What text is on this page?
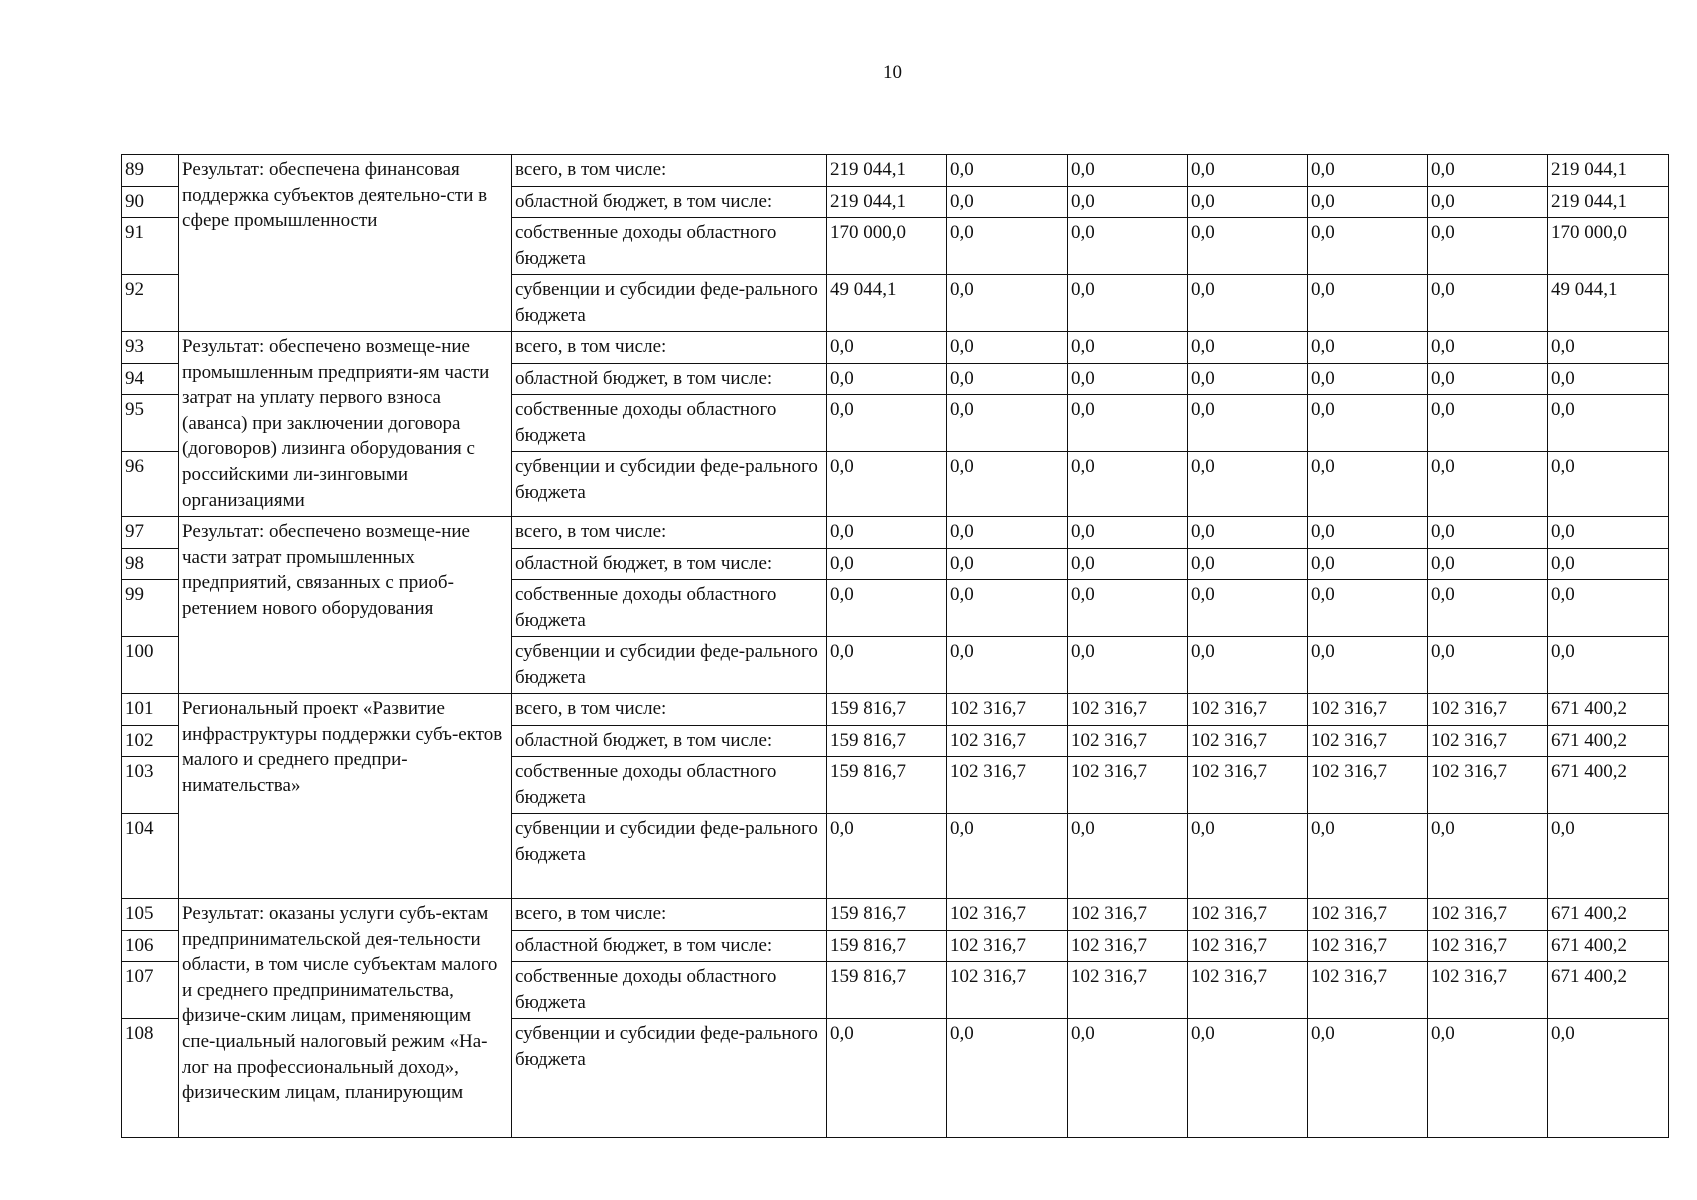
10
89	Результат: обеспечена финансовая поддержка субъектов деятельно-сти в сфере промышленности	всего, в том числе:	219 044,1	0,0	0,0	0,0	0,0	0,0	219 044,1
90		областной бюджет, в том числе:	219 044,1	0,0	0,0	0,0	0,0	0,0	219 044,1
91		собственные доходы областного бюджета	170 000,0	0,0	0,0	0,0	0,0	0,0	170 000,0
92		субвенции и субсидии феде-рального бюджета	49 044,1	0,0	0,0	0,0	0,0	0,0	49 044,1
93	Результат: обеспечено возмеще-ние промышленным предприяти-ям части затрат на уплату первого взноса (аванса) при заключении договора (договоров) лизинга оборудования с российскими ли-зинговыми организациями	всего, в том числе:	0,0	0,0	0,0	0,0	0,0	0,0	0,0
94		областной бюджет, в том числе:	0,0	0,0	0,0	0,0	0,0	0,0	0,0
95		собственные доходы областного бюджета	0,0	0,0	0,0	0,0	0,0	0,0	0,0
96		субвенции и субсидии феде-рального бюджета	0,0	0,0	0,0	0,0	0,0	0,0	0,0
97	Результат: обеспечено возмеще-ние части затрат промышленных предприятий, связанных с приоб-ретением нового оборудования	всего, в том числе:	0,0	0,0	0,0	0,0	0,0	0,0	0,0
98		областной бюджет, в том числе:	0,0	0,0	0,0	0,0	0,0	0,0	0,0
99		собственные доходы областного бюджета	0,0	0,0	0,0	0,0	0,0	0,0	0,0
100		субвенции и субсидии феде-рального бюджета	0,0	0,0	0,0	0,0	0,0	0,0	0,0
101	Региональный проект «Развитие инфраструктуры поддержки субъ-ектов малого и среднего предпри-нимательства»	всего, в том числе:	159 816,7	102 316,7	102 316,7	102 316,7	102 316,7	102 316,7	671 400,2
102		областной бюджет, в том числе:	159 816,7	102 316,7	102 316,7	102 316,7	102 316,7	102 316,7	671 400,2
103		собственные доходы областного бюджета	159 816,7	102 316,7	102 316,7	102 316,7	102 316,7	102 316,7	671 400,2
104		субвенции и субсидии феде-рального бюджета	0,0	0,0	0,0	0,0	0,0	0,0	0,0
105	Результат: оказаны услуги субъ-ектам предпринимательской дея-тельности области, в том числе субъектам малого и среднего предпринимательства, физиче-ским лицам, применяющим спе-циальный налоговый режим «На-лог на профессиональный доход», физическим лицам, планирующим	всего, в том числе:	159 816,7	102 316,7	102 316,7	102 316,7	102 316,7	102 316,7	671 400,2
106		областной бюджет, в том числе:	159 816,7	102 316,7	102 316,7	102 316,7	102 316,7	102 316,7	671 400,2
107		собственные доходы областного бюджета	159 816,7	102 316,7	102 316,7	102 316,7	102 316,7	102 316,7	671 400,2
108		субвенции и субсидии феде-рального бюджета	0,0	0,0	0,0	0,0	0,0	0,0	0,0
